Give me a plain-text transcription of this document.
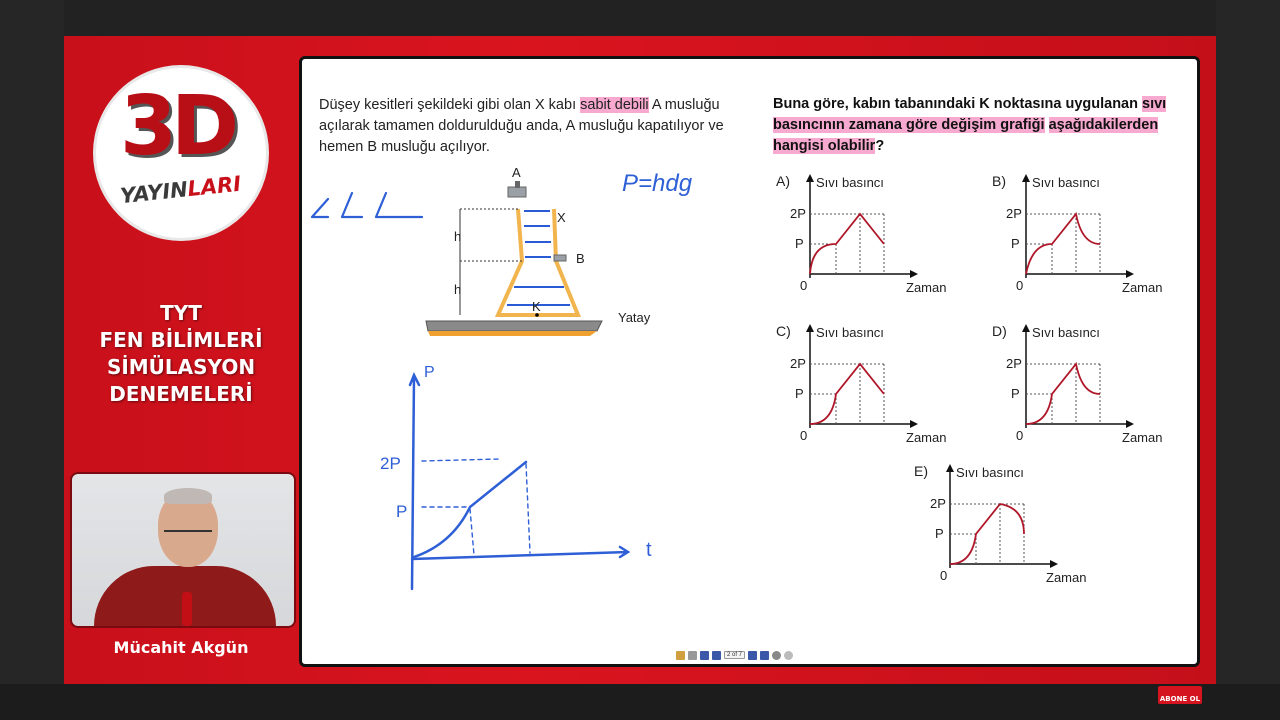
3D
YAYINLARI
TYT
FEN BİLİMLERİ
SİMÜLASYON
DENEMELERİ
Mücahit Akgün
Düşey kesitleri şekildeki gibi olan X kabı sabit debili A musluğu açılarak tamamen doldurulduğu anda, A musluğu kapatılıyor ve hemen B musluğu açılıyor.
Buna göre, kabın tabanındaki K noktasına uygulanan sıvı basıncının zamana göre değişim grafiği aşağıdakilerden hangisi olabilir?
A
X
B
K
h
h
Yatay
P=hdg
P
2P
P
t
A) Sıvı basıncı
2P
P
0	Zaman
B) Sıvı basıncı
2P
P
0	Zaman
C) Sıvı basıncı
2P
P
0	Zaman
D) Sıvı basıncı
2P
P
0	Zaman
E) Sıvı basıncı
2P
P
0	Zaman
2 of 7
ABONE OL
